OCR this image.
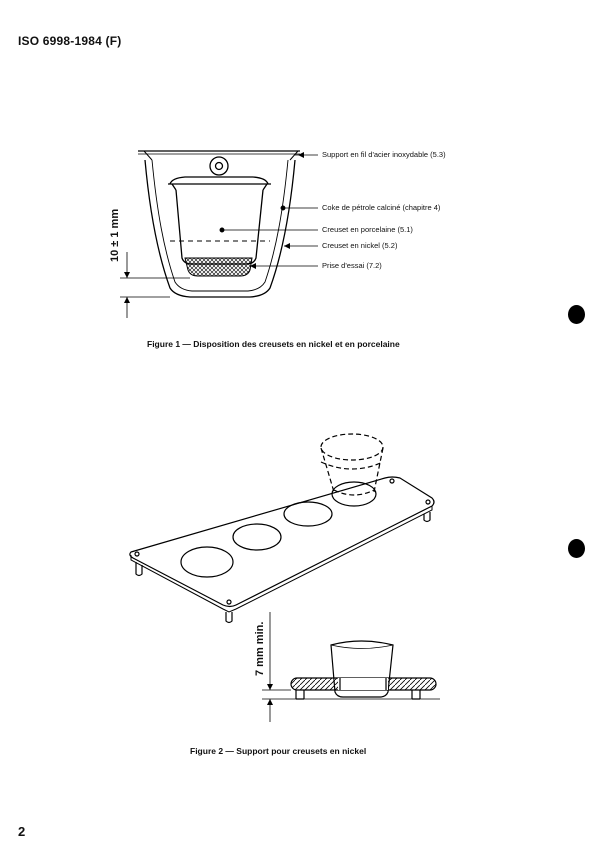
ISO 6998-1984 (F)
Support en fil d'acier inoxydable (5.3)
Coke de pétrole calciné (chapitre 4)
Creuset en porcelaine (5.1)
Creuset en nickel (5.2)
Prise d'essai (7.2)
10 ± 1 mm
Figure 1 — Disposition des creusets en nickel et en porcelaine
7 mm min.
Figure 2 — Support pour creusets en nickel
2
